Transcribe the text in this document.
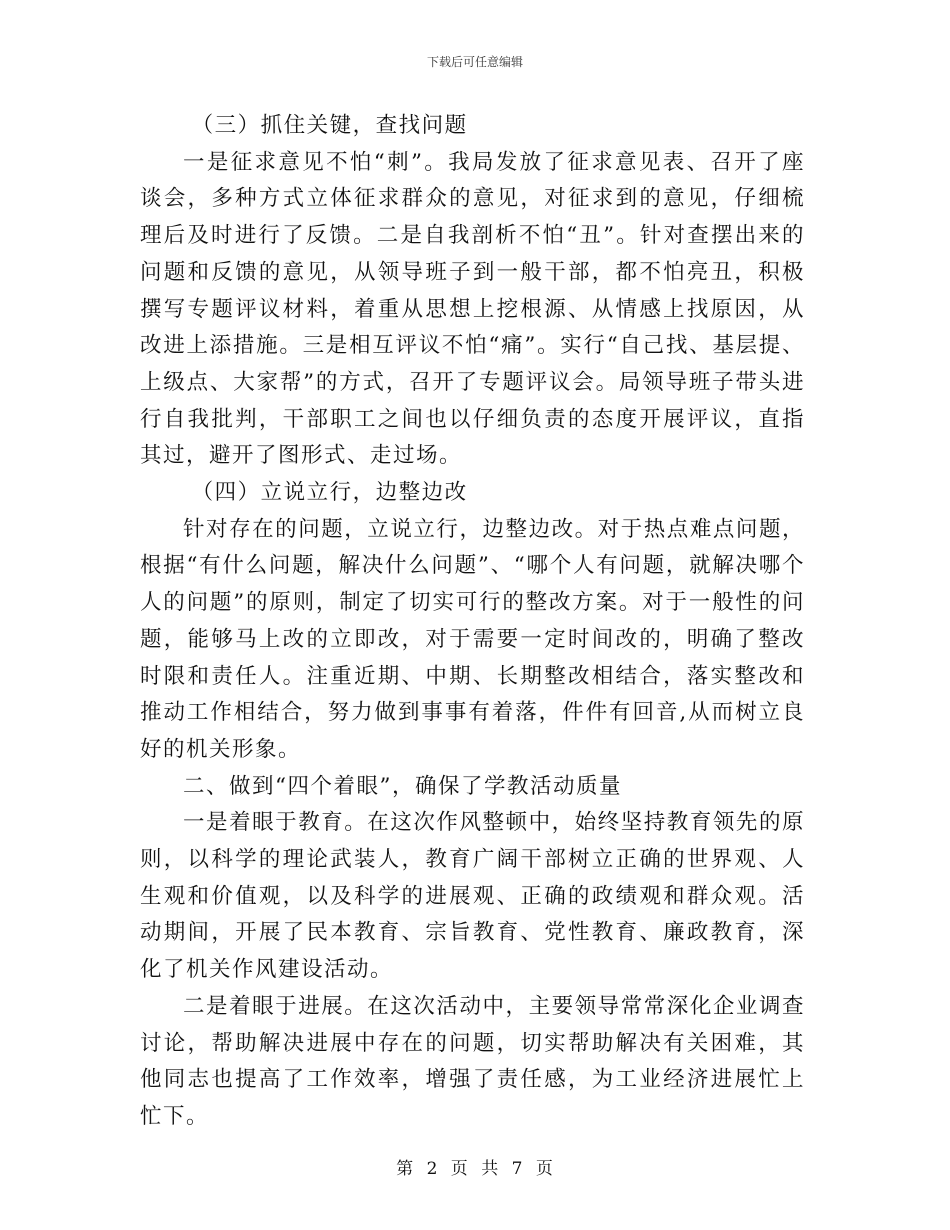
下载后可任意编辑

（三）抓住关键，查找问题

一是征求意见不怕“刺”。我局发放了征求意见表、召开了座谈会，多种方式立体征求群众的意见，对征求到的意见，仔细梳理后及时进行了反馈。二是自我剖析不怕“丑”。针对查摆出来的问题和反馈的意见，从领导班子到一般干部，都不怕亮丑，积极撰写专题评议材料，着重从思想上挖根源、从情感上找原因，从改进上添措施。三是相互评议不怕“痛”。实行“自己找、基层提、上级点、大家帮”的方式，召开了专题评议会。局领导班子带头进行自我批判，干部职工之间也以仔细负责的态度开展评议，直指其过，避开了图形式、走过场。

（四）立说立行，边整边改

针对存在的问题，立说立行，边整边改。对于热点难点问题，根据“有什么问题，解决什么问题”、“哪个人有问题，就解决哪个人的问题”的原则，制定了切实可行的整改方案。对于一般性的问题，能够马上改的立即改，对于需要一定时间改的，明确了整改时限和责任人。注重近期、中期、长期整改相结合，落实整改和推动工作相结合，努力做到事事有着落，件件有回音,从而树立良好的机关形象。

二、做到“四个着眼”，确保了学教活动质量

一是着眼于教育。在这次作风整顿中，始终坚持教育领先的原则，以科学的理论武装人，教育广阔干部树立正确的世界观、人生观和价值观，以及科学的进展观、正确的政绩观和群众观。活动期间，开展了民本教育、宗旨教育、党性教育、廉政教育，深化了机关作风建设活动。

二是着眼于进展。在这次活动中，主要领导常常深化企业调查讨论，帮助解决进展中存在的问题，切实帮助解决有关困难，其他同志也提高了工作效率，增强了责任感，为工业经济进展忙上忙下。

第 2 页 共 7 页
